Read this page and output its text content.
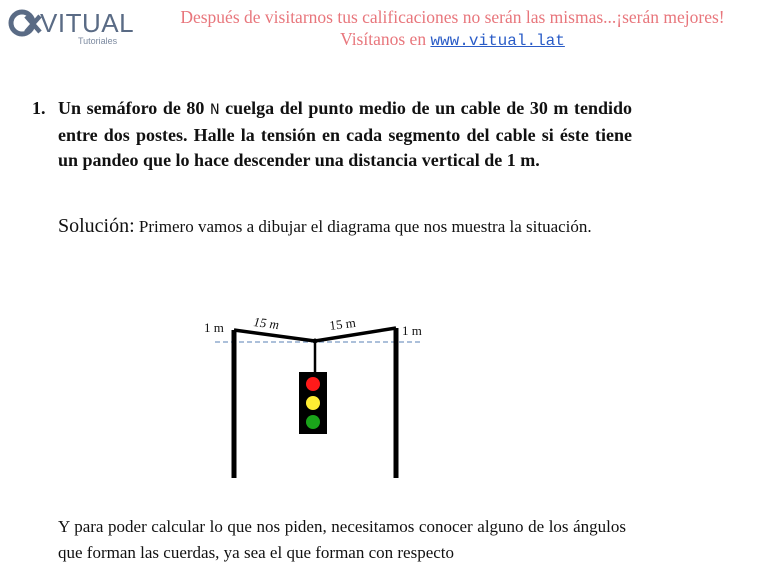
VITUAL
Tutoriales
Después de visitarnos tus calificaciones no serán las mismas...¡serán mejores!
Visítanos en www.vitual.lat
1. Un semáforo de 80 N cuelga del punto medio de un cable de 30 m tendido entre dos postes. Halle la tensión en cada segmento del cable si éste tiene un pandeo que lo hace descender una distancia vertical de 1 m.
Solución: Primero vamos a dibujar el diagrama que nos muestra la situación.
1 m	1 m
15 m	15 m
Y para poder calcular lo que nos piden, necesitamos conocer alguno de los ángulos que forman las cuerdas, ya sea el que forman con respecto
